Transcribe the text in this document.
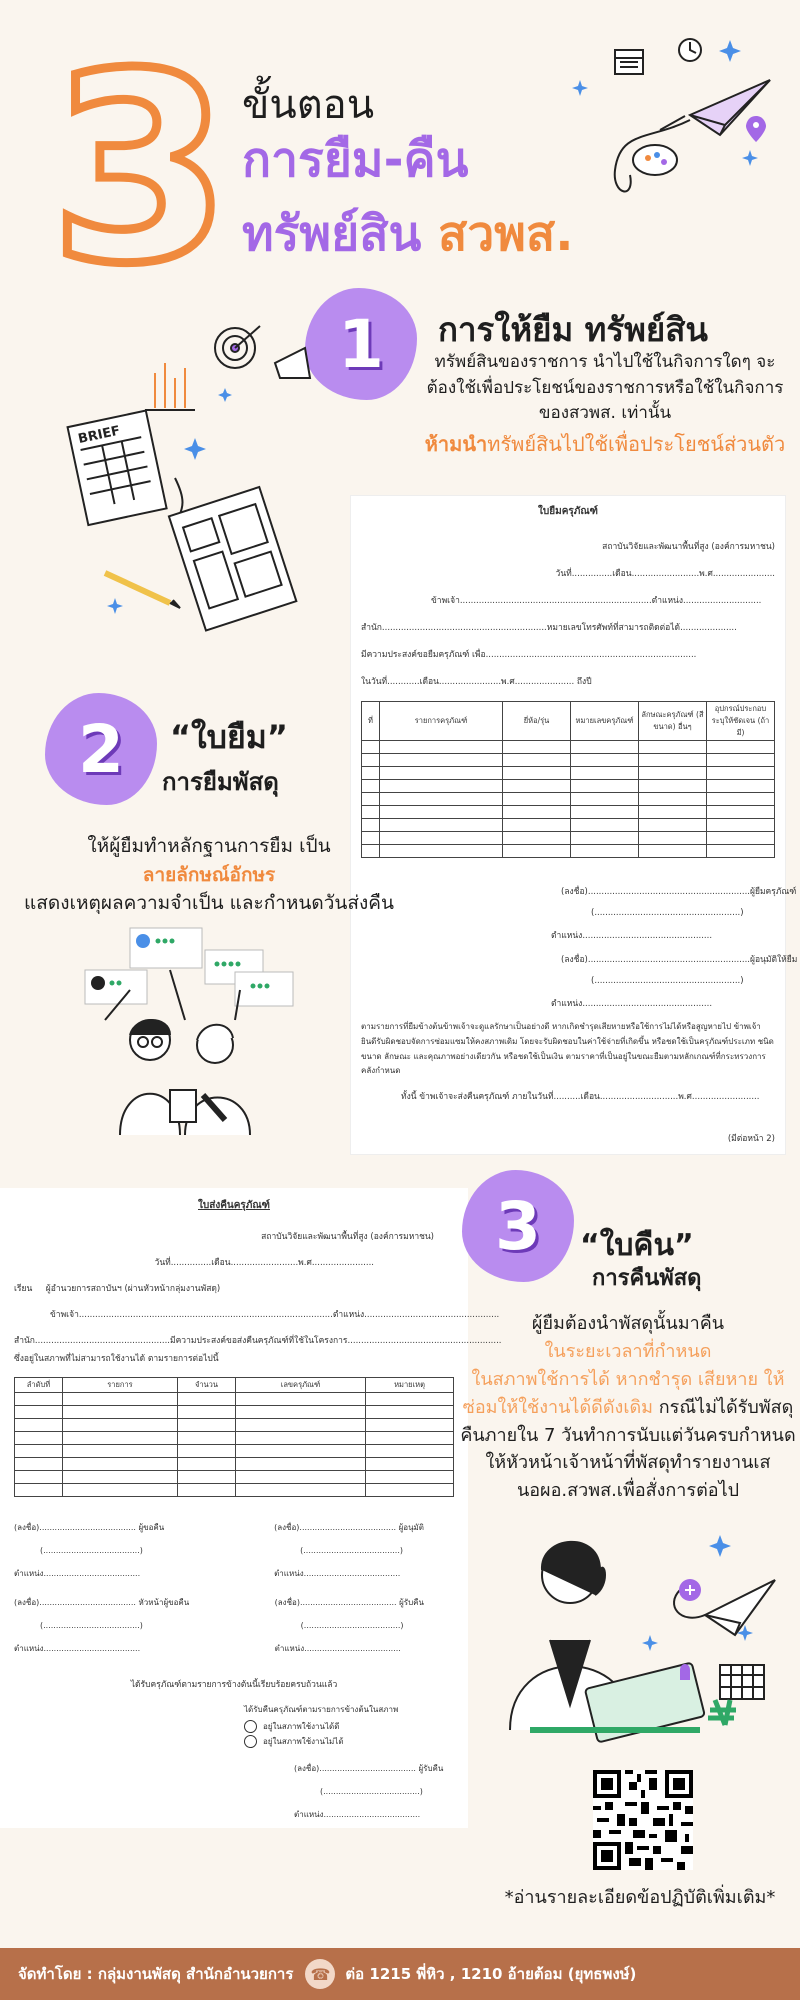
3 ขั้นตอน
การยืม-คืน
ทรัพย์สิน สวพส.
1	การให้ยืม ทรัพย์สิน
ทรัพย์สินของราชการ นำไปใช้ในกิจการใดๆ จะต้องใช้เพื่อประโยชน์ของราชการหรือใช้ในกิจการของสวพส. เท่านั้น
ห้ามนำทรัพย์สินไปใช้เพื่อประโยชน์ส่วนตัว
BRIEF
ใบยืมครุภัณฑ์
สถาบันวิจัยและพัฒนาพื้นที่สูง (องค์การมหาชน)
วันที่...............เดือน.........................พ.ศ.......................
ข้าพเจ้า.......................................................................ตำแหน่ง.............................
สำนัก.............................................................หมายเลขโทรศัพท์ที่สามารถติดต่อได้.....................
มีความประสงค์ขอยืมครุภัณฑ์ เพื่อ..............................................................................
ในวันที่............เดือน.......................พ.ศ...................... ถึงปี
ที่	รายการครุภัณฑ์	ยี่ห้อ/รุ่น	หมายเลขครุภัณฑ์	ลักษณะครุภัณฑ์ (สี ขนาด) อื่นๆ	อุปกรณ์ประกอบ ระบุให้ชัดเจน (ถ้ามี)

(ลงชื่อ)............................................................ผู้ยืมครุภัณฑ์
(......................................................)
ตำแหน่ง................................................
(ลงชื่อ)............................................................ผู้อนุมัติให้ยืม
(......................................................)
ตำแหน่ง................................................
ตามรายการที่ยืมข้างต้นข้าพเจ้าจะดูแลรักษาเป็นอย่างดี หากเกิดชำรุดเสียหายหรือใช้การไม่ได้หรือสูญหายไป ข้าพเจ้ายินดีรับผิดชอบจัดการซ่อมแซมให้คงสภาพเดิม โดยจะรับผิดชอบในค่าใช้จ่ายที่เกิดขึ้น หรือชดใช้เป็นครุภัณฑ์ประเภท ชนิด ขนาด ลักษณะ และคุณภาพอย่างเดียวกัน หรือชดใช้เป็นเงิน ตามราคาที่เป็นอยู่ในขณะยืมตามหลักเกณฑ์ที่กระทรวงการคลังกำหนด
ทั้งนี้ ข้าพเจ้าจะส่งคืนครุภัณฑ์ ภายในวันที่..........เดือน.............................พ.ศ.........................
(มีต่อหน้า 2)
2	“ใบยืม”
การยืมพัสดุ
ให้ผู้ยืมทำหลักฐานการยืม เป็น
ลายลักษณ์อักษร
แสดงเหตุผลความจำเป็น และกำหนดวันส่งคืน
ใบส่งคืนครุภัณฑ์
สถาบันวิจัยและพัฒนาพื้นที่สูง (องค์การมหาชน)
วันที่...............เดือน.........................พ.ศ.......................
เรียน ผู้อำนวยการสถาบันฯ (ผ่านหัวหน้ากลุ่มงานพัสดุ)
ข้าพเจ้า..............................................................................................ตำแหน่ง..................................................
สำนัก..................................................มีความประสงค์ขอส่งคืนครุภัณฑ์ที่ใช้ในโครงการ.........................................................
ซึ่งอยู่ในสภาพที่ไม่สามารถใช้งานได้ ตามรายการต่อไปนี้
ลำดับที่	รายการ	จำนวน	เลขครุภัณฑ์	หมายเหตุ

(ลงชื่อ)...................................... ผู้ขอคืน
(......................................)
ตำแหน่ง......................................
(ลงชื่อ)...................................... ผู้อนุมัติ
(......................................)
ตำแหน่ง......................................
(ลงชื่อ)...................................... หัวหน้าผู้ขอคืน
(......................................)
ตำแหน่ง......................................
(ลงชื่อ)...................................... ผู้รับคืน
(......................................)
ตำแหน่ง......................................
ได้รับครุภัณฑ์ตามรายการข้างต้นนี้เรียบร้อยครบถ้วนแล้ว
ได้รับคืนครุภัณฑ์ตามรายการข้างต้นในสภาพ
อยู่ในสภาพใช้งานได้ดี
อยู่ในสภาพใช้งานไม่ได้
(ลงชื่อ)...................................... ผู้รับคืน
(......................................)
ตำแหน่ง......................................
3	“ใบคืน”
การคืนพัสดุ
ผู้ยืมต้องนำพัสดุนั้นมาคืน
ในระยะเวลาที่กำหนด
ในสภาพใช้การได้ หากชำรุด เสียหาย ให้ซ่อมให้ใช้งานได้ดีดังเดิม กรณีไม่ได้รับพัสดุคืนภายใน 7 วันทำการนับแต่วันครบกำหนดให้หัวหน้าเจ้าหน้าที่พัสดุทำรายงานเสนอผอ.สวพส.เพื่อสั่งการต่อไป
*อ่านรายละเอียดข้อปฏิบัติเพิ่มเติม*
จัดทำโดย : กลุ่มงานพัสดุ สำนักอำนวยการ	☎	ต่อ 1215 พี่หิว , 1210 อ้ายต้อม (ยุทธพงษ์)
